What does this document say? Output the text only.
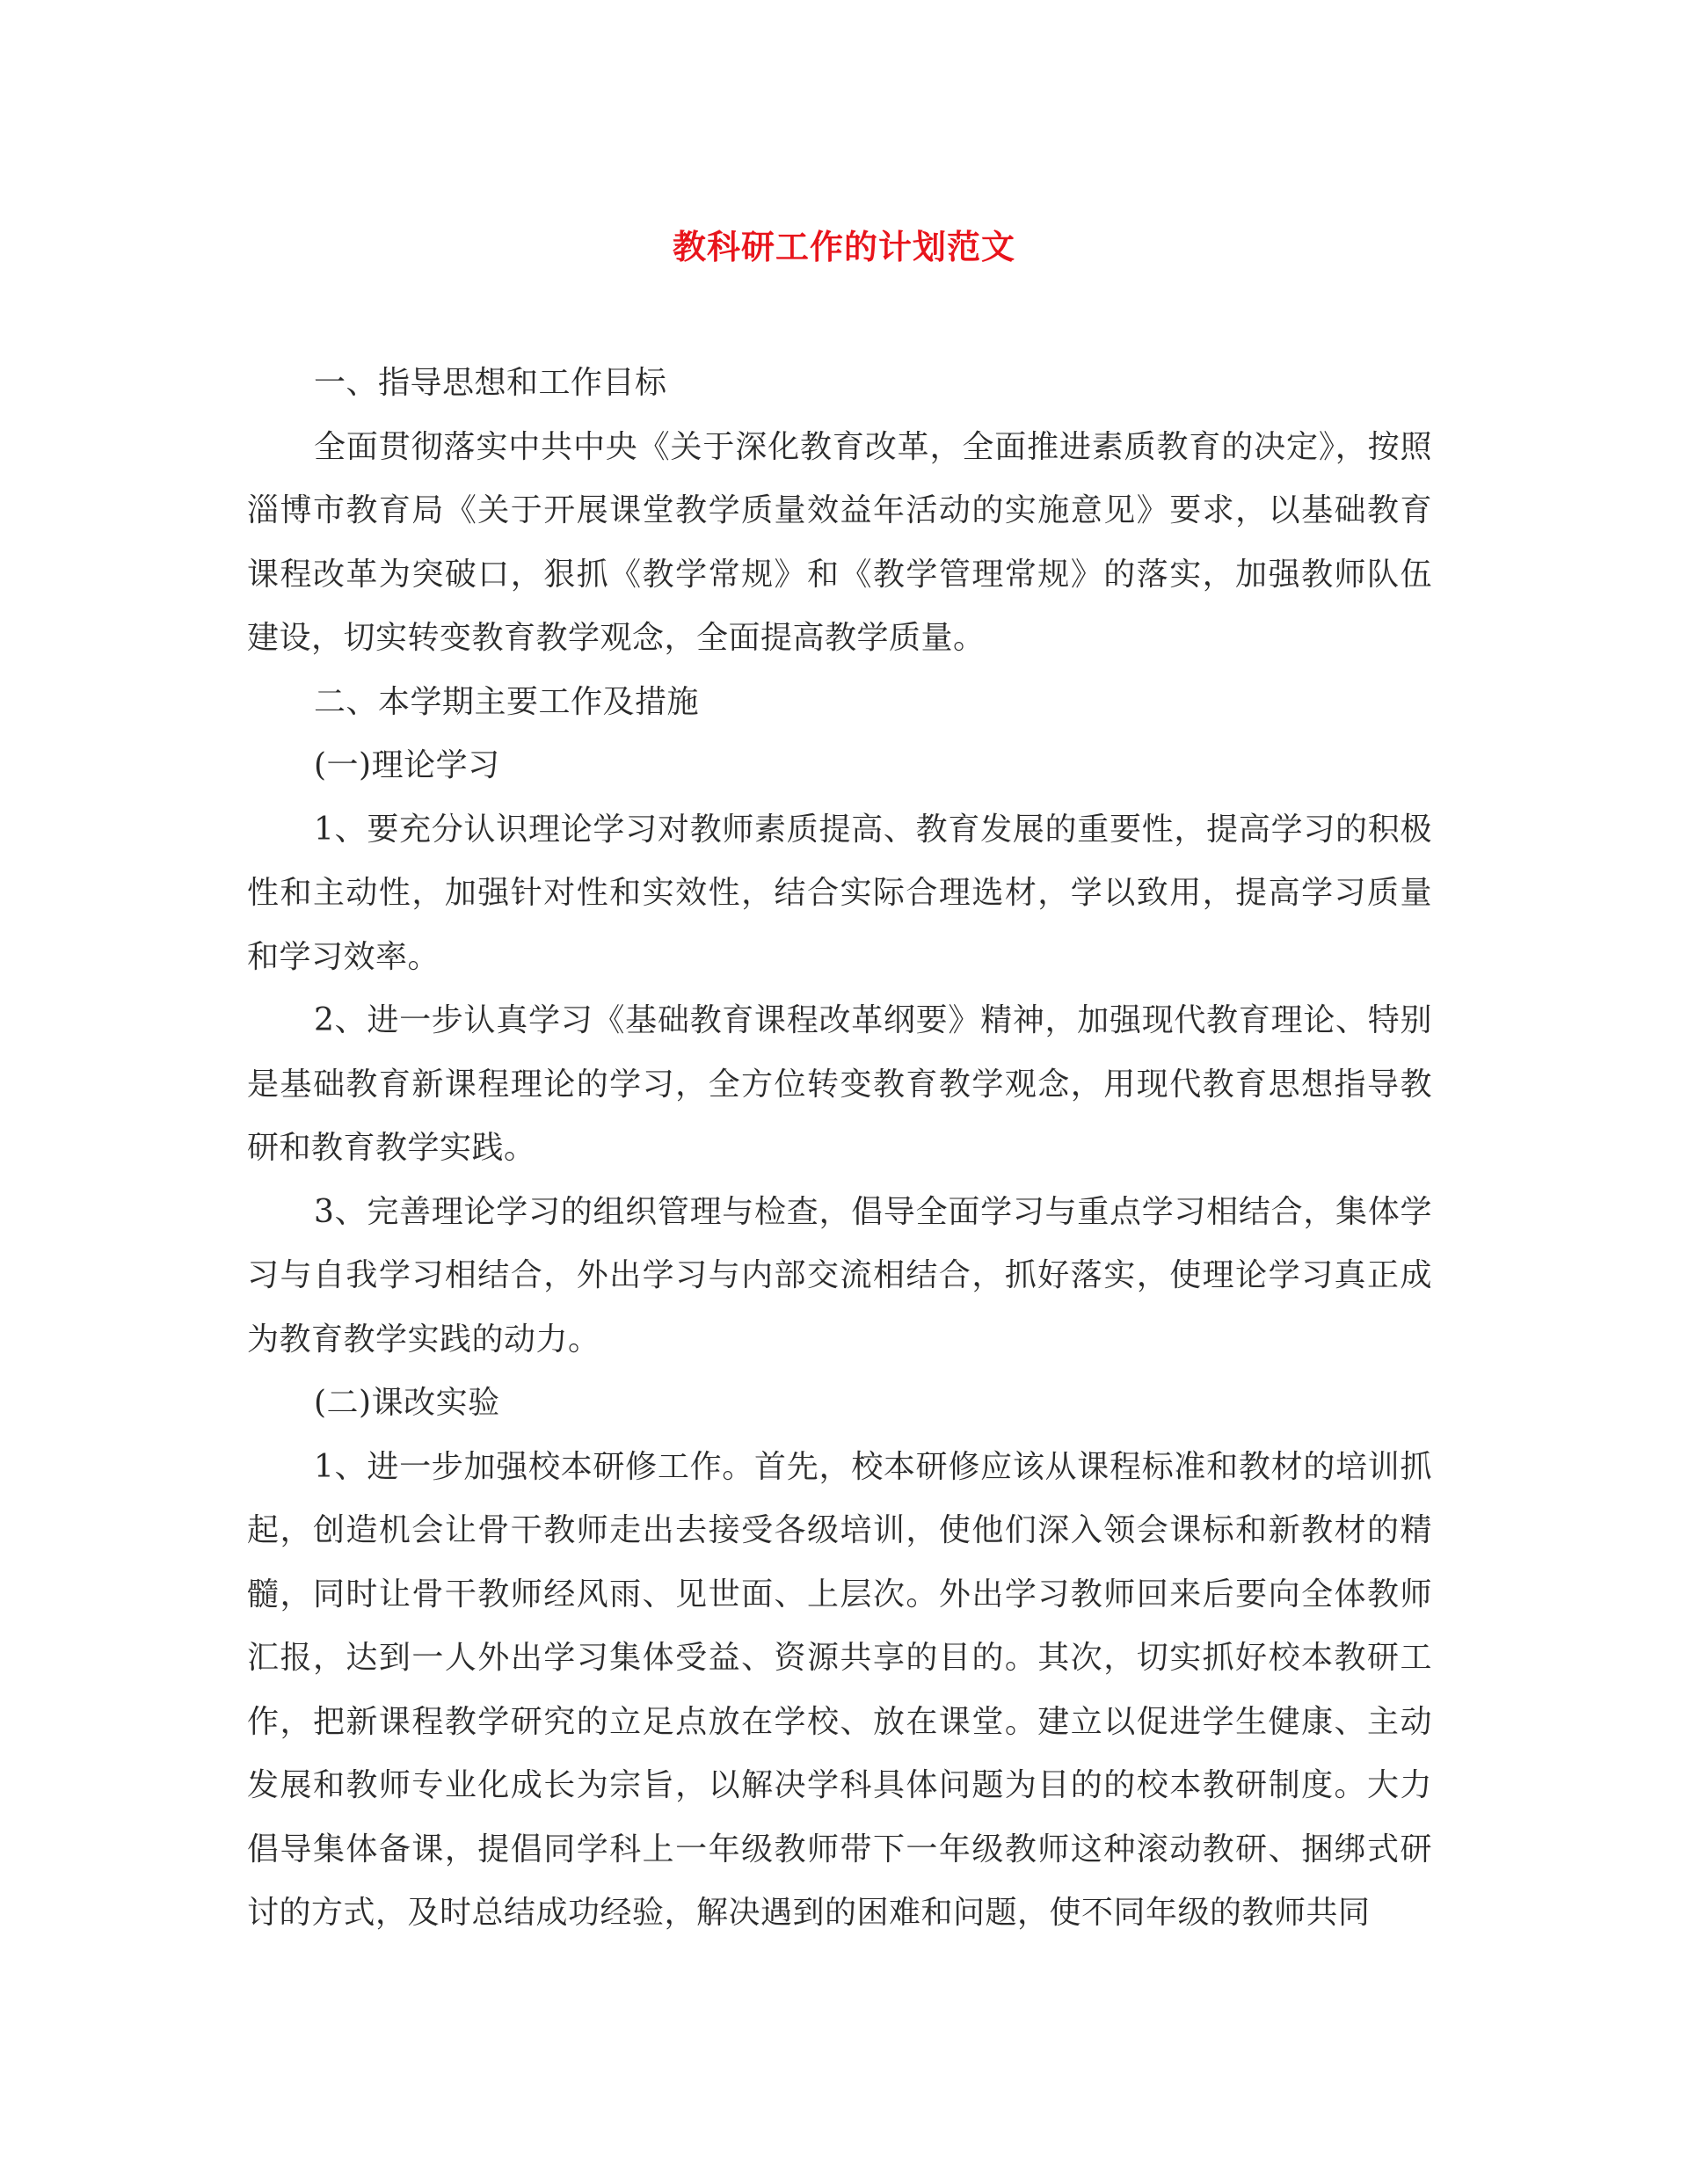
教科研工作的计划范文

一、指导思想和工作目标

全面贯彻落实中共中央《关于深化教育改革，全面推进素质教育的决定》，按照淄博市教育局《关于开展课堂教学质量效益年活动的实施意见》要求，以基础教育课程改革为突破口，狠抓《教学常规》和《教学管理常规》的落实，加强教师队伍建设，切实转变教育教学观念，全面提高教学质量。

二、本学期主要工作及措施

(一)理论学习

1、要充分认识理论学习对教师素质提高、教育发展的重要性，提高学习的积极性和主动性，加强针对性和实效性，结合实际合理选材，学以致用，提高学习质量和学习效率。

2、进一步认真学习《基础教育课程改革纲要》精神，加强现代教育理论、特别是基础教育新课程理论的学习，全方位转变教育教学观念，用现代教育思想指导教研和教育教学实践。

3、完善理论学习的组织管理与检查，倡导全面学习与重点学习相结合，集体学习与自我学习相结合，外出学习与内部交流相结合，抓好落实，使理论学习真正成为教育教学实践的动力。

(二)课改实验

1、进一步加强校本研修工作。首先，校本研修应该从课程标准和教材的培训抓起，创造机会让骨干教师走出去接受各级培训，使他们深入领会课标和新教材的精髓，同时让骨干教师经风雨、见世面、上层次。外出学习教师回来后要向全体教师汇报，达到一人外出学习集体受益、资源共享的目的。其次，切实抓好校本教研工作，把新课程教学研究的立足点放在学校、放在课堂。建立以促进学生健康、主动发展和教师专业化成长为宗旨，以解决学科具体问题为目的的校本教研制度。大力倡导集体备课，提倡同学科上一年级教师带下一年级教师这种滚动教研、捆绑式研讨的方式，及时总结成功经验，解决遇到的困难和问题，使不同年级的教师共同
